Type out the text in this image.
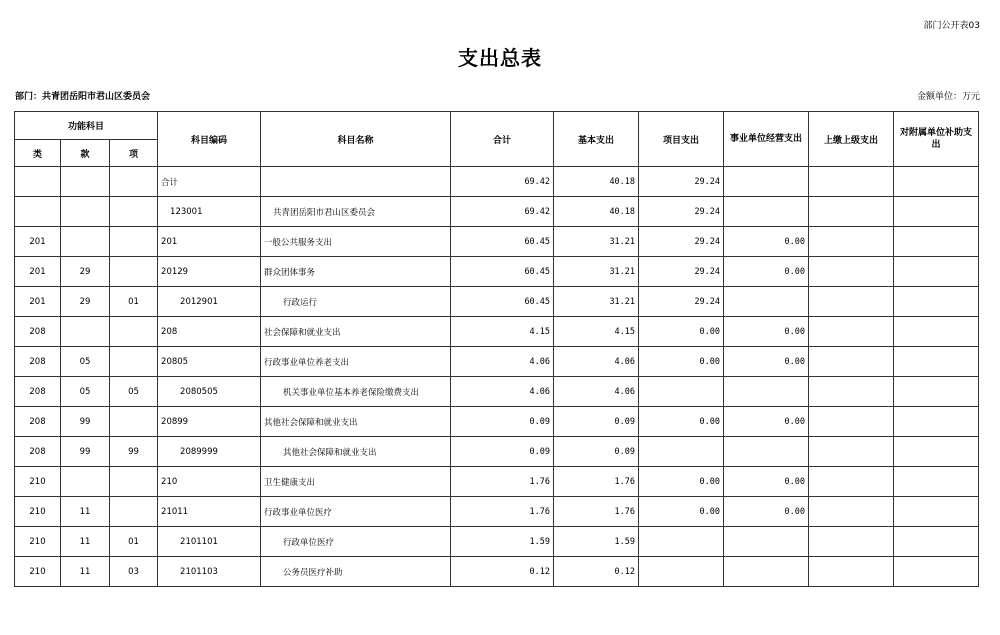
部门公开表03
支出总表
部门：共青团岳阳市君山区委员会	金额单位：万元
功能科目			科目编码	科目名称	合计	基本支出	项目支出	事业单位经营支出	上缴上级支出	对附属单位补助支出
类	款	项								
			合计		69.42	40.18	29.24			
			123001	共青团岳阳市君山区委员会	69.42	40.18	29.24			
201			201	一般公共服务支出	60.45	31.21	29.24	0.00		
201	29		20129	群众团体事务	60.45	31.21	29.24	0.00		
201	29	01	2012901	行政运行	60.45	31.21	29.24			
208			208	社会保障和就业支出	4.15	4.15	0.00	0.00		
208	05		20805	行政事业单位养老支出	4.06	4.06	0.00	0.00		
208	05	05	2080505	机关事业单位基本养老保险缴费支出	4.06	4.06				
208	99		20899	其他社会保障和就业支出	0.09	0.09	0.00	0.00		
208	99	99	2089999	其他社会保障和就业支出	0.09	0.09				
210			210	卫生健康支出	1.76	1.76	0.00	0.00		
210	11		21011	行政事业单位医疗	1.76	1.76	0.00	0.00		
210	11	01	2101101	行政单位医疗	1.59	1.59				
210	11	03	2101103	公务员医疗补助	0.12	0.12				
